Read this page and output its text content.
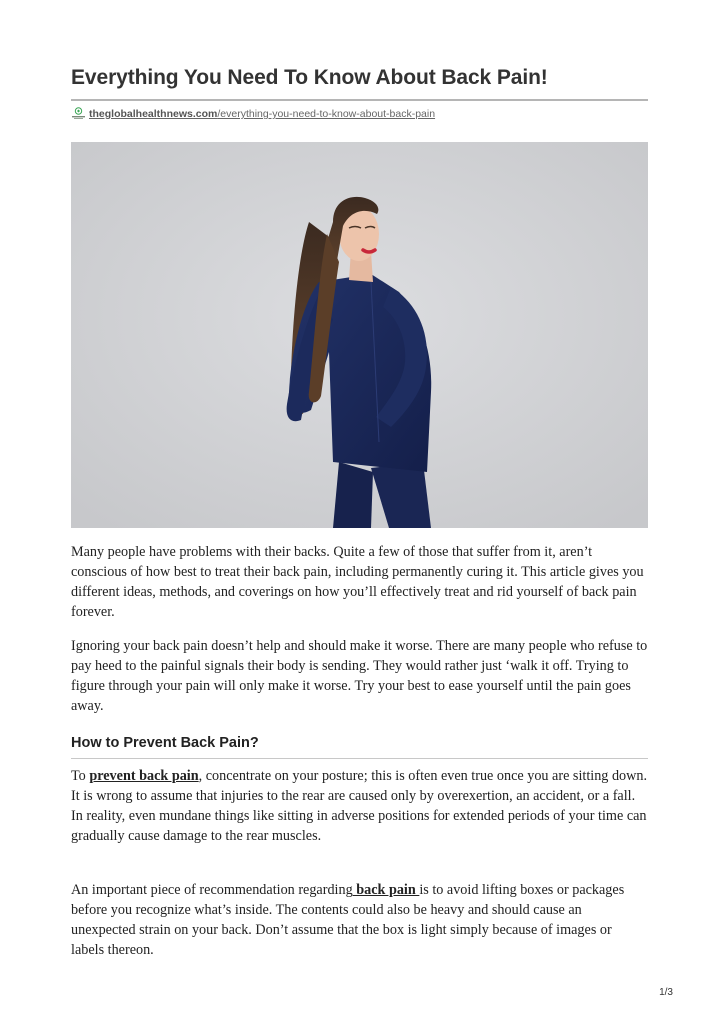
Everything You Need To Know About Back Pain!
theglobalhealthnews.com/everything-you-need-to-know-about-back-pain

Many people have problems with their backs. Quite a few of those that suffer from it, aren’t conscious of how best to treat their back pain, including permanently curing it. This article gives you different ideas, methods, and coverings on how you’ll effectively treat and rid yourself of back pain forever.

Ignoring your back pain doesn’t help and should make it worse. There are many people who refuse to pay heed to the painful signals their body is sending. They would rather just ‘walk it off. Trying to figure through your pain will only make it worse. Try your best to ease yourself until the pain goes away.

How to Prevent Back Pain?

To prevent back pain, concentrate on your posture; this is often even true once you are sitting down. It is wrong to assume that injuries to the rear are caused only by overexertion, an accident, or a fall. In reality, even mundane things like sitting in adverse positions for extended periods of your time can gradually cause damage to the rear muscles.

An important piece of recommendation regarding back pain is to avoid lifting boxes or packages before you recognize what’s inside. The contents could also be heavy and should cause an unexpected strain on your back. Don’t assume that the box is light simply because of images or labels thereon.

1/3
